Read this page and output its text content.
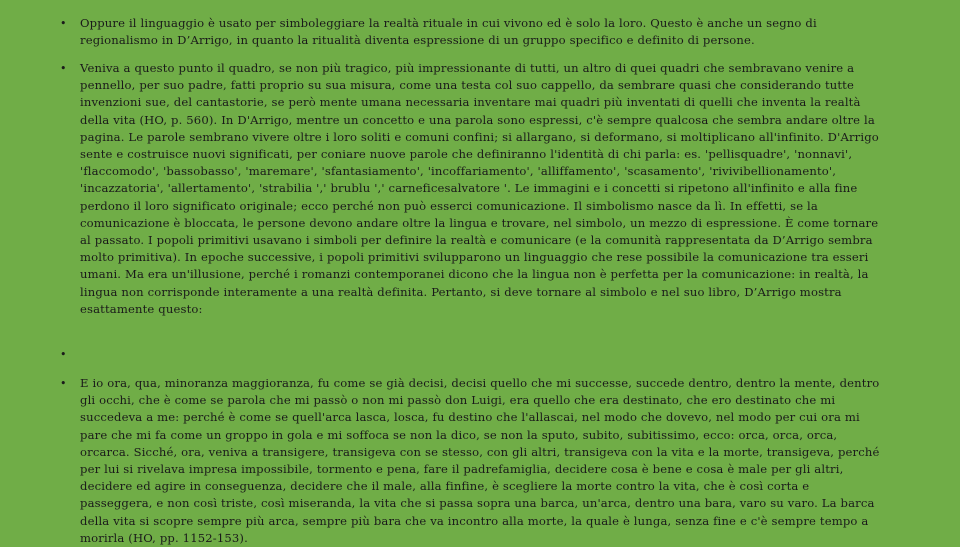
•	Oppure il linguaggio è usato per simboleggiare la realtà rituale in cui vivono ed è solo la loro. Questo è anche un segno di regionalismo in D’Arrigo, in quanto la ritualità diventa espressione di un gruppo specifico e definito di persone.
•	Veniva a questo punto il quadro, se non più tragico, più impressionante di tutti, un altro di quei quadri che sembravano venire a pennello, per suo padre, fatti proprio su sua misura, come una testa col suo cappello, da sembrare quasi che considerando tutte invenzioni sue, del cantastorie, se però mente umana necessaria inventare mai quadri più inventati di quelli che inventa la realtà della vita (HO, p. 560). In D'Arrigo, mentre un concetto e una parola sono espressi, c'è sempre qualcosa che sembra andare oltre la pagina. Le parole sembrano vivere oltre i loro soliti e comuni confini; si allargano, si deformano, si moltiplicano all'infinito. D'Arrigo sente e costruisce nuovi significati, per coniare nuove parole che definiranno l'identità di chi parla: es. 'pellisquadre', 'nonnavi', 'flaccomodo', 'bassobasso', 'maremare', 'sfantasiamento', 'incoffariamento', 'alliffamento', 'scasamento', 'rivivibellionamento', 'incazzatoria', 'allertamento', 'strabilia ',' brublu ',' carneficesalvatore '. Le immagini e i concetti si ripetono all'infinito e alla fine perdono il loro significato originale; ecco perché non può esserci comunicazione. Il simbolismo nasce da lì. In effetti, se la comunicazione è bloccata, le persone devono andare oltre la lingua e trovare, nel simbolo, un mezzo di espressione. È come tornare al passato. I popoli primitivi usavano i simboli per definire la realtà e comunicare (e la comunità rappresentata da D’Arrigo sembra molto primitiva). In epoche successive, i popoli primitivi svilupparono un linguaggio che rese possibile la comunicazione tra esseri umani. Ma era un'illusione, perché i romanzi contemporanei dicono che la lingua non è perfetta per la comunicazione: in realtà, la lingua non corrisponde interamente a una realtà definita. Pertanto, si deve tornare al simbolo e nel suo libro, D’Arrigo mostra esattamente questo:
•
•	E io ora, qua, minoranza maggioranza, fu come se già decisi, decisi quello che mi successe, succede dentro, dentro la mente, dentro gli occhi, che è come se parola che mi passò o non mi passò don Luigi, era quello che era destinato, che ero destinato che mi succedeva a me: perché è come se quell'arca lasca, losca, fu destino che l'allascai, nel modo che dovevo, nel modo per cui ora mi pare che mi fa come un groppo in gola e mi soffoca se non la dico, se non la sputo, subito, subitissimo, ecco: orca, orca, orca, orcarca. Sicché, ora, veniva a transigere, transigeva con se stesso, con gli altri, transigeva con la vita e la morte, transigeva, perché per lui si rivelava impresa impossibile, tormento e pena, fare il padrefamiglia, decidere cosa è bene e cosa è male per gli altri, decidere ed agire in conseguenza, decidere che il male, alla finfine, è scegliere la morte contro la vita, che è così corta e passeggera, e non così triste, così miseranda, la vita che si passa sopra una barca, un'arca, dentro una bara, varo su varo. La barca della vita si scopre sempre più arca, sempre più bara che va incontro alla morte, la quale è lunga, senza fine e c'è sempre tempo a morirla (HO, pp. 1152-153).
